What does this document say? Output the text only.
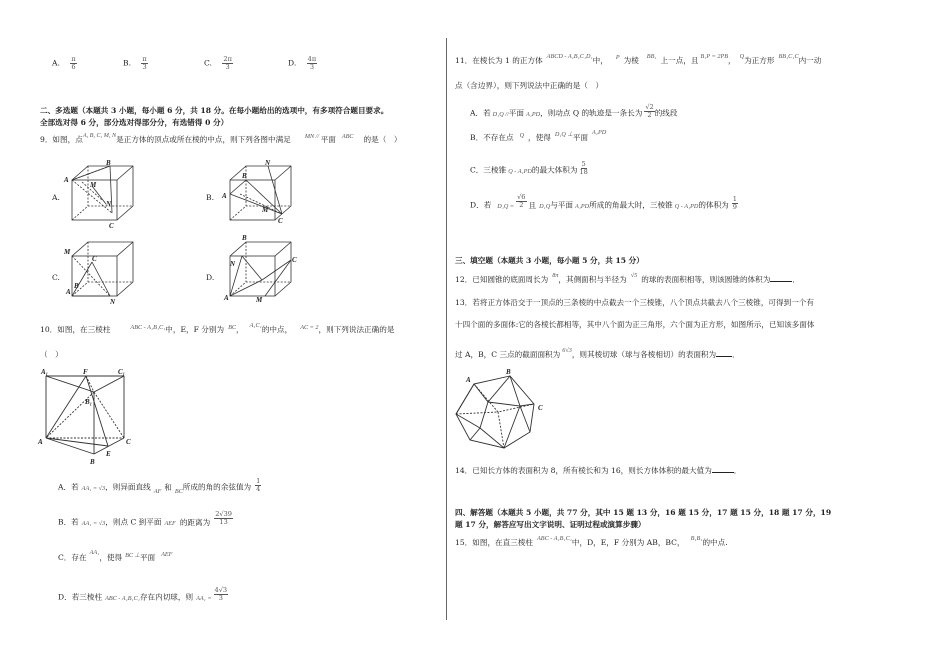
A. $\frac{\pi}{6}$	B. $\frac{\pi}{3}$	C. $\frac{2\pi}{3}$	D. $\frac{4\pi}{3}$
二、多选题（本题共 3 小题，每小题 6 分，共 18 分。在每小题给出的选项中，有多项符合题目要求。
全部选对得 6 分，部分选对得部分分，有选错得 0 分）
9．如图，点$^{A, B, C, M, N}$是正方体的顶点或所在棱的中点，则下列各图中满足 $^{MN //}$ 平面 $^{ABC}$ 的是（　）
A.	B.
C.	D.
B
A
M
N
C
B
N
A
M
C
M
C
A
B
N
B
C
N
A	M
10．如图，在三棱柱	$^{ABC - A_1B_1C_1}$中，E，F 分别为 $^{BC}$， $^{A_1C_1}$的中点， $^{AC = 2}$，则下列说法正确的是
（　）
A₁	F	C₁
B₁
A	C
E
B
A．若 AA₁ = √3，则异面直线 $_{AF}$ 和 $_{BC}$所成的角的余弦值为 $\frac{1}{4}$
B．若 AA₁ = √3，则点 C 到平面 AEF 的距离为 $\frac{2√39}{13}$
C．存在$^{AA_1}$，使得 $^{BC \perp}$平面 $^{AEF}$
D．若三棱柱 ABC - A₁B₁C₁存在内切球，则 $AA_1 = \frac{4√3}{3}$
11．在棱长为 1 的正方体 $^{ABCD - A_1B_1C_1D_1}$中， $^P$ 为棱 $^{BB_1}$ 上一点，且 $^{B_1P = 2PB}$， $^Q$为正方形 $^{BB_1C_1C}$内一动
点（含边界），则下列说法中正确的是（　）
A．若 D₁Q //平面 A₁PD，则动点 Q 的轨迹是一条长为 $\frac{√2}{2}$ 的线段
B．不存在点 $^Q$ ，使得 $^{D_1Q \perp}$平面$^{A_1PD}$
C．三棱锥 Q - A₁PD的最大体积为 $\frac{5}{18}$
D．若 $D_1Q = \frac{√6}{2}$ 且 D₁Q与平面 A₁PD所成的角最大时，三棱锥 Q - A₁PD的体积为 $\frac{1}{9}$
三、填空题（本题共 3 小题，每小题 5 分，共 15 分）
12．已知圆锥的底面周长为 $^{8\pi}$，其侧面积与半径为 $^{√5}$ 的球的表面积相等，则该圆锥的体积为	．
13．若将正方体沿交于一顶点的三条棱的中点截去一个三棱锥，八个顶点共截去八个三棱锥，可得到一个有
十四个面的多面体:它的各棱长都相等，其中八个面为正三角形，六个面为正方形，如图所示，已知该多面体
过 A，B，C 三点的截面面积为 $^{6√3}$，则其棱切球（球与各棱相切）的表面积为 ．
A
B
C
14．已知长方体的表面积为 8，所有棱长和为 16，则长方体体积的最大值为	．
四、解答题（本题共 5 小题，共 77 分，其中 15 题 13 分，16 题 15 分，17 题 15 分，18 题 17 分，19
题 17 分，解答应写出文字说明、证明过程或演算步骤）
15．如图，在直三棱柱 $^{ABC - A_1B_1C_1}$中，D，E，F 分别为 AB，BC， $^{B_1B_1}$的中点.
